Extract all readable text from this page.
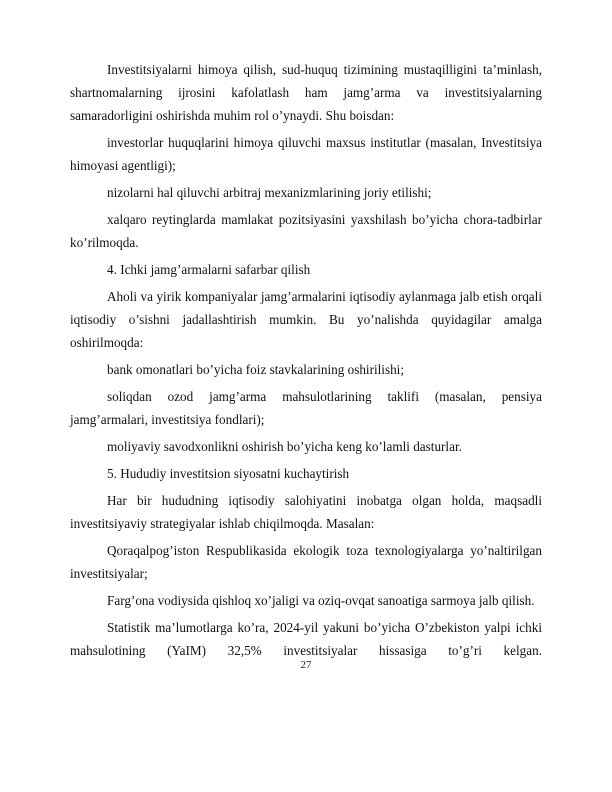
Investitsiyalarni himoya qilish, sud-huquq tizimining mustaqilligini ta’minlash, shartnomalarning ijrosini kafolatlash ham jamg’arma va investitsiyalarning samaradorligini oshirishda muhim rol o’ynaydi. Shu boisdan:

investorlar huquqlarini himoya qiluvchi maxsus institutlar (masalan, Investitsiya himoyasi agentligi);

nizolarni hal qiluvchi arbitraj mexanizmlarining joriy etilishi;

xalqaro reytinglarda mamlakat pozitsiyasini yaxshilash bo’yicha chora-tadbirlar ko’rilmoqda.

4. Ichki jamg’armalarni safarbar qilish

Aholi va yirik kompaniyalar jamg’armalarini iqtisodiy aylanmaga jalb etish orqali iqtisodiy o’sishni jadallashtirish mumkin. Bu yo’nalishda quyidagilar amalga oshirilmoqda:

bank omonatlari bo’yicha foiz stavkalarining oshirilishi;

soliqdan ozod jamg’arma mahsulotlarining taklifi (masalan, pensiya jamg’armalari, investitsiya fondlari);

moliyaviy savodxonlikni oshirish bo’yicha keng ko’lamli dasturlar.

5. Hududiy investitsion siyosatni kuchaytirish

Har bir hududning iqtisodiy salohiyatini inobatga olgan holda, maqsadli investitsiyaviy strategiyalar ishlab chiqilmoqda. Masalan:

Qoraqalpog’iston Respublikasida ekologik toza texnologiyalarga yo’naltirilgan investitsiyalar;

Farg’ona vodiysida qishloq xo’jaligi va oziq-ovqat sanoatiga sarmoya jalb qilish.

Statistik ma’lumotlarga ko’ra, 2024-yil yakuni bo’yicha O’zbekiston yalpi ichki mahsulotining (YaIM) 32,5% investitsiyalar hissasiga to’g’ri kelgan.

27
